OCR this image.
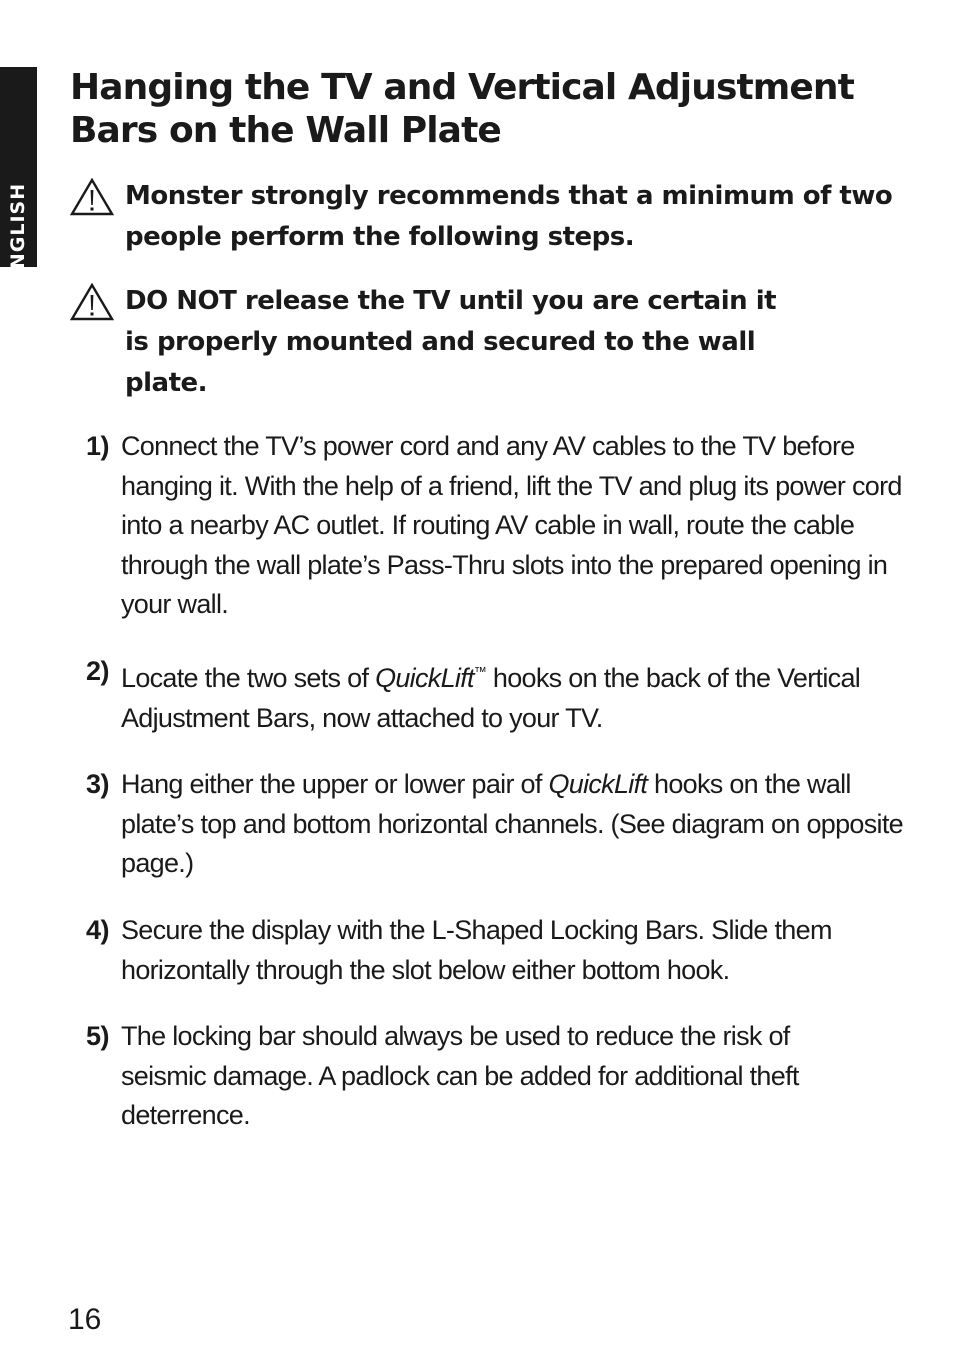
ENGLISH
Hanging the TV and Vertical Adjustment Bars on the Wall Plate

Monster strongly recommends that a minimum of two people perform the following steps.

DO NOT release the TV until you are certain it is properly mounted and secured to the wall plate.

1) Connect the TV’s power cord and any AV cables to the TV before hanging it. With the help of a friend, lift the TV and plug its power cord into a nearby AC outlet. If routing AV cable in wall, route the cable through the wall plate’s Pass-Thru slots into the prepared opening in your wall.

2) Locate the two sets of QuickLift™ hooks on the back of the Vertical Adjustment Bars, now attached to your TV.

3) Hang either the upper or lower pair of QuickLift hooks on the wall plate’s top and bottom horizontal channels. (See diagram on opposite page.)

4) Secure the display with the L-Shaped Locking Bars. Slide them horizontally through the slot below either bottom hook.

5) The locking bar should always be used to reduce the risk of seismic damage. A padlock can be added for additional theft deterrence.

16
